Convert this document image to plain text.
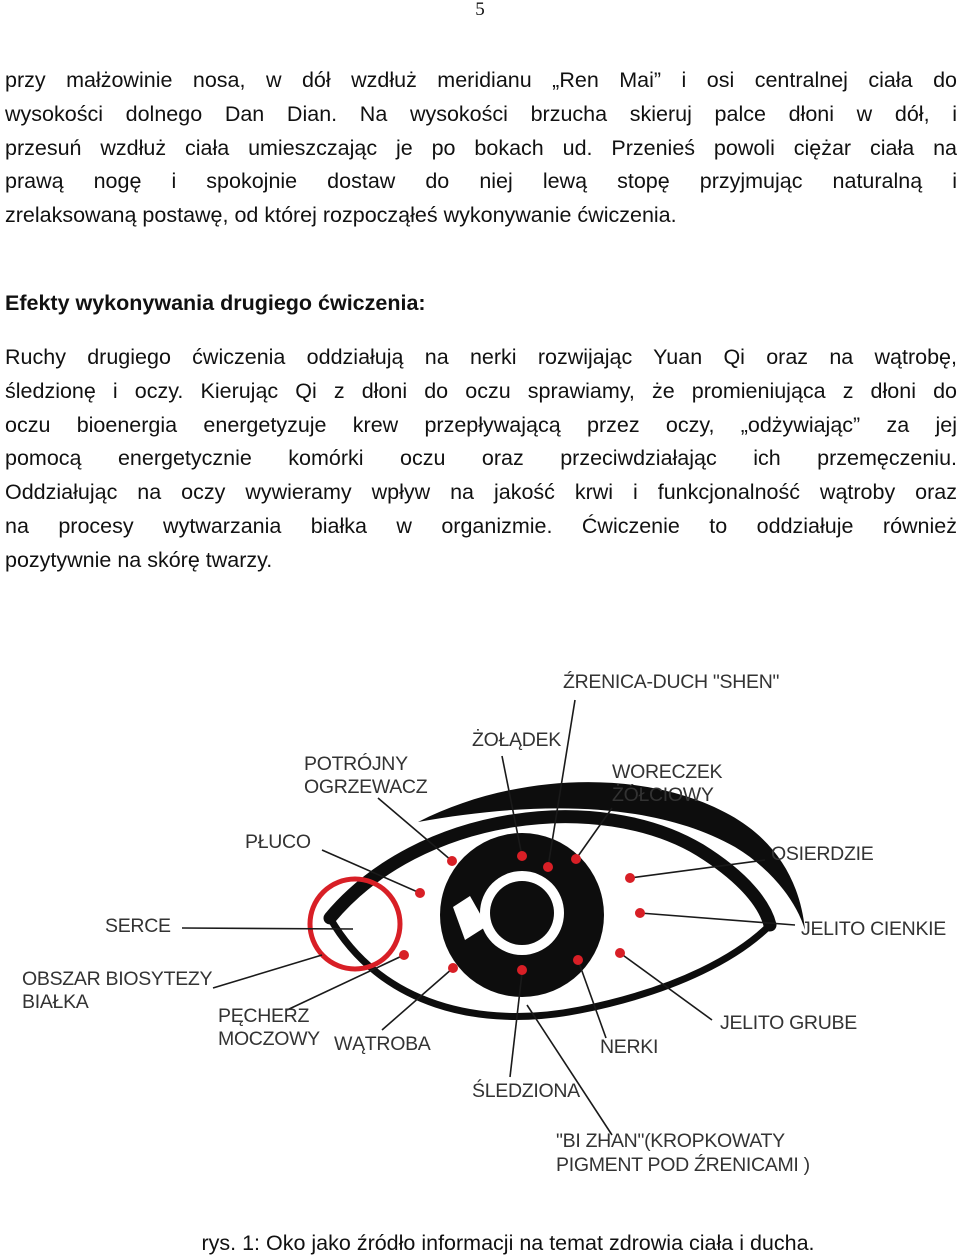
5

przy małżowinie nosa, w dół wzdłuż meridianu „Ren Mai” i osi centralnej ciała do
wysokości dolnego Dan Dian. Na wysokości brzucha skieruj palce dłoni w dół, i
przesuń wzdłuż ciała umieszczając je po bokach ud. Przenieś powoli ciężar ciała na
prawą nogę i spokojnie dostaw do niej lewą stopę przyjmując naturalną i
zrelaksowaną postawę, od której rozpocząłeś wykonywanie ćwiczenia.

Efekty wykonywania drugiego ćwiczenia:

Ruchy drugiego ćwiczenia oddziałują na nerki rozwijając Yuan Qi oraz na wątrobę,
śledzionę i oczy. Kierując Qi z dłoni do oczu sprawiamy, że promieniująca z dłoni do
oczu bioenergia energetyzuje krew przepływającą przez oczy, „odżywiając” za jej
pomocą energetycznie komórki oczu oraz przeciwdziałając ich przemęczeniu.
Oddziałując na oczy wywieramy wpływ na jakość krwi i funkcjonalność wątroby oraz
na procesy wytwarzania białka w organizmie. Ćwiczenie to oddziałuje również
pozytywnie na skórę twarzy.

ŹRENICA-DUCH "SHEN"
ŻOŁĄDEK
POTRÓJNY
OGRZEWACZ
WORECZEK
ŻÓŁCIOWY
PŁUCO
OSIERDZIE
SERCE	JELITO CIENKIE
OBSZAR BIOSYTEZY
BIAŁKA
PĘCHERZ
MOCZOWY WĄTROBA
JELITO GRUBE
NERKI
ŚLEDZIONA
"BI ZHAN"(KROPKOWATY
PIGMENT POD ŹRENICAMI )

rys. 1: Oko jako źródło informacji na temat zdrowia ciała i ducha.
